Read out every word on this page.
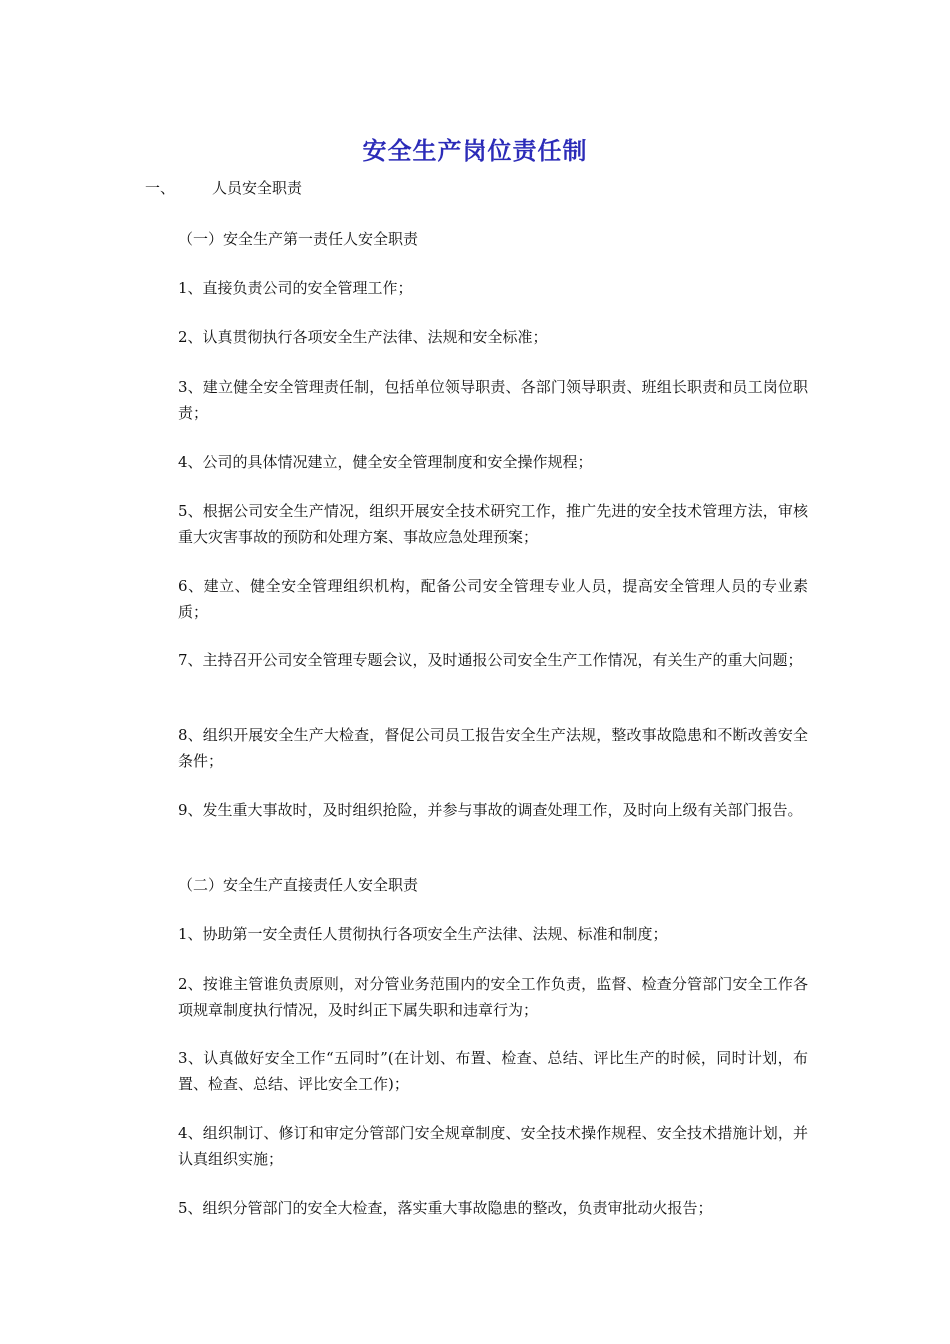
安全生产岗位责任制
一、 人员安全职责
（一）安全生产第一责任人安全职责
1、直接负责公司的安全管理工作；
2、认真贯彻执行各项安全生产法律、法规和安全标准；
3、建立健全安全管理责任制，包括单位领导职责、各部门领导职责、班组长职责和员工岗位职责；
4、公司的具体情况建立，健全安全管理制度和安全操作规程；
5、根据公司安全生产情况，组织开展安全技术研究工作，推广先进的安全技术管理方法，审核重大灾害事故的预防和处理方案、事故应急处理预案；
6、建立、健全安全管理组织机构，配备公司安全管理专业人员，提高安全管理人员的专业素质；
7、主持召开公司安全管理专题会议，及时通报公司安全生产工作情况，有关生产的重大问题；
8、组织开展安全生产大检查，督促公司员工报告安全生产法规，整改事故隐患和不断改善安全条件；
9、发生重大事故时，及时组织抢险，并参与事故的调查处理工作，及时向上级有关部门报告。
（二）安全生产直接责任人安全职责
1、协助第一安全责任人贯彻执行各项安全生产法律、法规、标准和制度；
2、按谁主管谁负责原则，对分管业务范围内的安全工作负责，监督、检查分管部门安全工作各项规章制度执行情况，及时纠正下属失职和违章行为；
3、认真做好安全工作“五同时”(在计划、布置、检查、总结、评比生产的时候，同时计划，布置、检查、总结、评比安全工作)；
4、组织制订、修订和审定分管部门安全规章制度、安全技术操作规程、安全技术措施计划，并认真组织实施；
5、组织分管部门的安全大检查，落实重大事故隐患的整改，负责审批动火报告；
